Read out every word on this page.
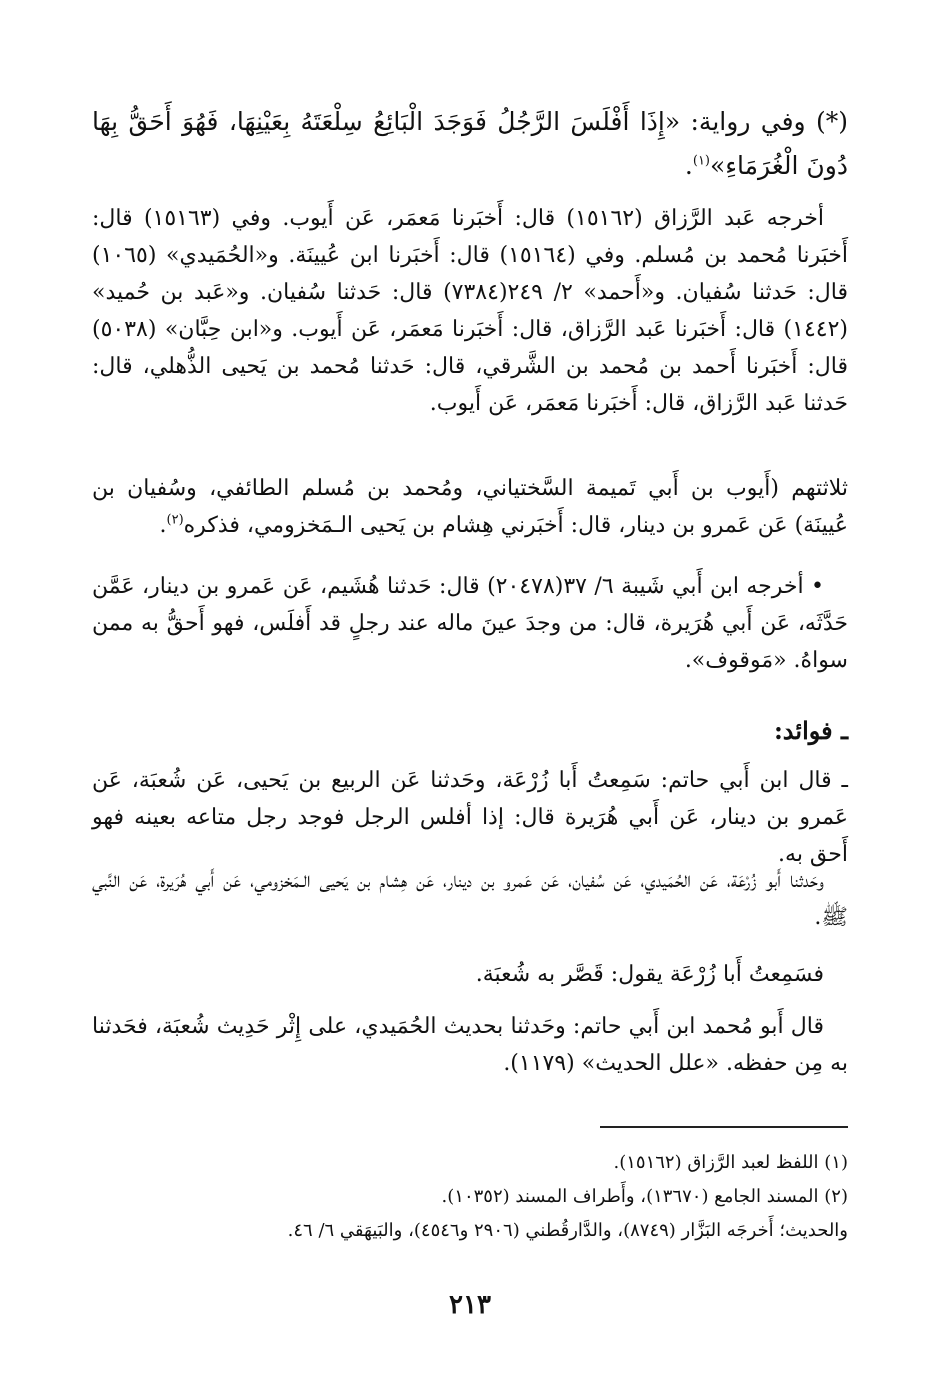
(*) وفي رواية: «إِذَا أَفْلَسَ الرَّجُلُ فَوَجَدَ الْبَائِعُ سِلْعَتَهُ بِعَيْنِهَا، فَهُوَ أَحَقُّ بِهَا دُونَ الْغُرَمَاءِ»$^{(١)}$.

أخرجه عَبد الرَّزاق (١٥١٦٢) قال: أَخبَرنا مَعمَر، عَن أَيوب. وفي (١٥١٦٣) قال: أَخبَرنا مُحمد بن مُسلم. وفي (١٥١٦٤) قال: أَخبَرنا ابن عُيينَة. و«الحُمَيدي» (١٠٦٥) قال: حَدثنا سُفيان. و«أَحمد» ٢/ ٢٤٩(٧٣٨٤) قال: حَدثنا سُفيان. و«عَبد بن حُميد» (١٤٤٢) قال: أَخبَرنا عَبد الرَّزاق، قال: أَخبَرنا مَعمَر، عَن أَيوب. و«ابن حِبَّان» (٥٠٣٨) قال: أَخبَرنا أَحمد بن مُحمد بن الشَّرقي، قال: حَدثنا مُحمد بن يَحيى الذُّهلي، قال: حَدثنا عَبد الرَّزاق، قال: أَخبَرنا مَعمَر، عَن أَيوب.

ثلاثتهم (أَيوب بن أَبي تَميمة السَّختياني، ومُحمد بن مُسلم الطائفي، وسُفيان بن عُيينَة) عَن عَمرو بن دينار، قال: أَخبَرني هِشام بن يَحيى الـمَخزومي، فذكره$^{(٢)}$.

• أخرجه ابن أَبي شَيبة ٦/ ٣٧(٢٠٤٧٨) قال: حَدثنا هُشَيم، عَن عَمرو بن دينار، عَمَّن حَدَّثَه، عَن أَبي هُرَيرة، قال: من وجدَ عينَ ماله عند رجلٍ قد أَفلَس، فهو أَحقُّ به ممن سواهُ. «مَوقوف».

ـ فوائد:

ـ قال ابن أَبي حاتم: سَمِعتُ أَبا زُرْعَة، وحَدثنا عَن الربيع بن يَحيى، عَن شُعبَة، عَن عَمرو بن دينار، عَن أَبي هُرَيرة قال: إذا أفلس الرجل فوجد رجل متاعه بعينه فهو أَحق به.

وحَدثنا أَبو زُرْعَة، عَن الحُمَيدي، عَن سُفيان، عَن عَمرو بن دينار، عَن هِشام بن يَحيى الـمَخزومي، عَن أَبي هُرَيرة، عَن النَّبي ﷺ.

فسَمِعتُ أَبا زُرْعَة يقول: قَصَّر به شُعبَة.

قال أَبو مُحمد ابن أَبي حاتم: وحَدثنا بحديث الحُمَيدي، على إِثْر حَدِيث شُعبَة، فحَدثنا به مِن حفظه. «علل الحديث» (١١٧٩).

(١) اللفظ لعبد الرَّزاق (١٥١٦٢).
(٢) المسند الجامع (١٣٦٧٠)، وأَطراف المسند (١٠٣٥٢).
والحديث؛ أَخرجَه البَزَّار (٨٧٤٩)، والدَّارقُطني (٢٩٠٦ و٤٥٤٦)، والبَيهَقي ٦/ ٤٦.
٢١٣
